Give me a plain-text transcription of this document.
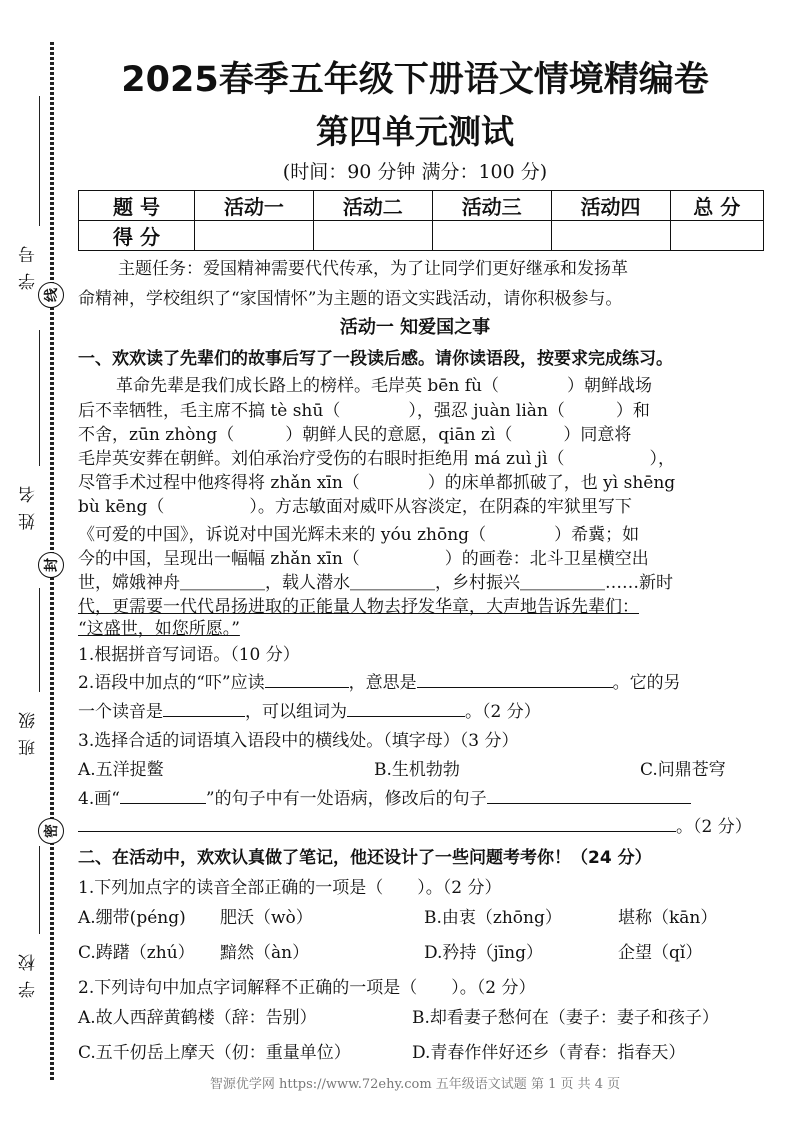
学号
线
姓名
封
班级
密
学校
2025春季五年级下册语文情境精编卷
第四单元测试
(时间：90 分钟 满分：100 分)
题 号	活动一	活动二	活动三	活动四	总 分
得 分					
主题任务：爱国精神需要代代传承，为了让同学们更好继承和发扬革
命精神，学校组织了“家国情怀”为主题的语文实践活动，请你积极参与。
活动一 知爱国之事
一、欢欢读了先辈们的故事后写了一段读后感。请你读语段，按要求完成练习。
革命先辈是我们成长路上的榜样。毛岸英 bēn fù（　　　　）朝鲜战场
后不幸牺牲，毛主席不搞 tè shū（　　　　），强忍 juàn liàn（　　　）和
不舍，zūn zhòng（　　　）朝鲜人民的意愿，qiān zì（　　　）同意将
毛岸英安葬在朝鲜。刘伯承治疗受伤的右眼时拒绝用 má zuì jì（　　　　　），
尽管手术过程中他疼得将 zhǎn xīn（　　　　）的床单都抓破了，也 yì shēng
bù kēng（　　　　　）。方志敏面对威吓从容淡定，在阴森的牢狱里写下
《可爱的中国》，诉说对中国光辉未来的 yóu zhōng（　　　　）希冀；如
今的中国，呈现出一幅幅 zhǎn xīn（　　　　　）的画卷：北斗卫星横空出
世，嫦娥神舟＿＿＿＿＿，载人潜水＿＿＿＿＿，乡村振兴＿＿＿＿＿……新时
代，更需要一代代昂扬进取的正能量人物去抒发华章，大声地告诉先辈们：
“这盛世，如您所愿。”
1.根据拼音写词语。（10 分）
2.语段中加点的“吓”应读	，意思是	。它的另
一个读音是	，可以组词为	。（2 分）
3.选择合适的词语填入语段中的横线处。（填字母）（3 分）
A.五洋捉鳖	B.生机勃勃	C.问鼎苍穹
4.画“	”的句子中有一处语病，修改后的句子
。（2 分）
二、在活动中，欢欢认真做了笔记，他还设计了一些问题考考你！（24 分）
1.下列加点字的读音全部正确的一项是（　　）。（2 分）
A.绷带(péng) 肥沃（wò）	B.由衷（zhōng）	堪称（kān）
C.踌躇（zhú） 黯然（àn）	D.矜持（jīng）	企望（qǐ）
2.下列诗句中加点字词解释不正确的一项是（　　）。（2 分）
A.故人西辞黄鹤楼（辞：告别）	B.却看妻子愁何在（妻子：妻子和孩子）
C.五千仞岳上摩天（仞：重量单位）	D.青春作伴好还乡（青春：指春天）
智源优学网 https://www.72ehy.com 五年级语文试题 第 1 页 共 4 页
